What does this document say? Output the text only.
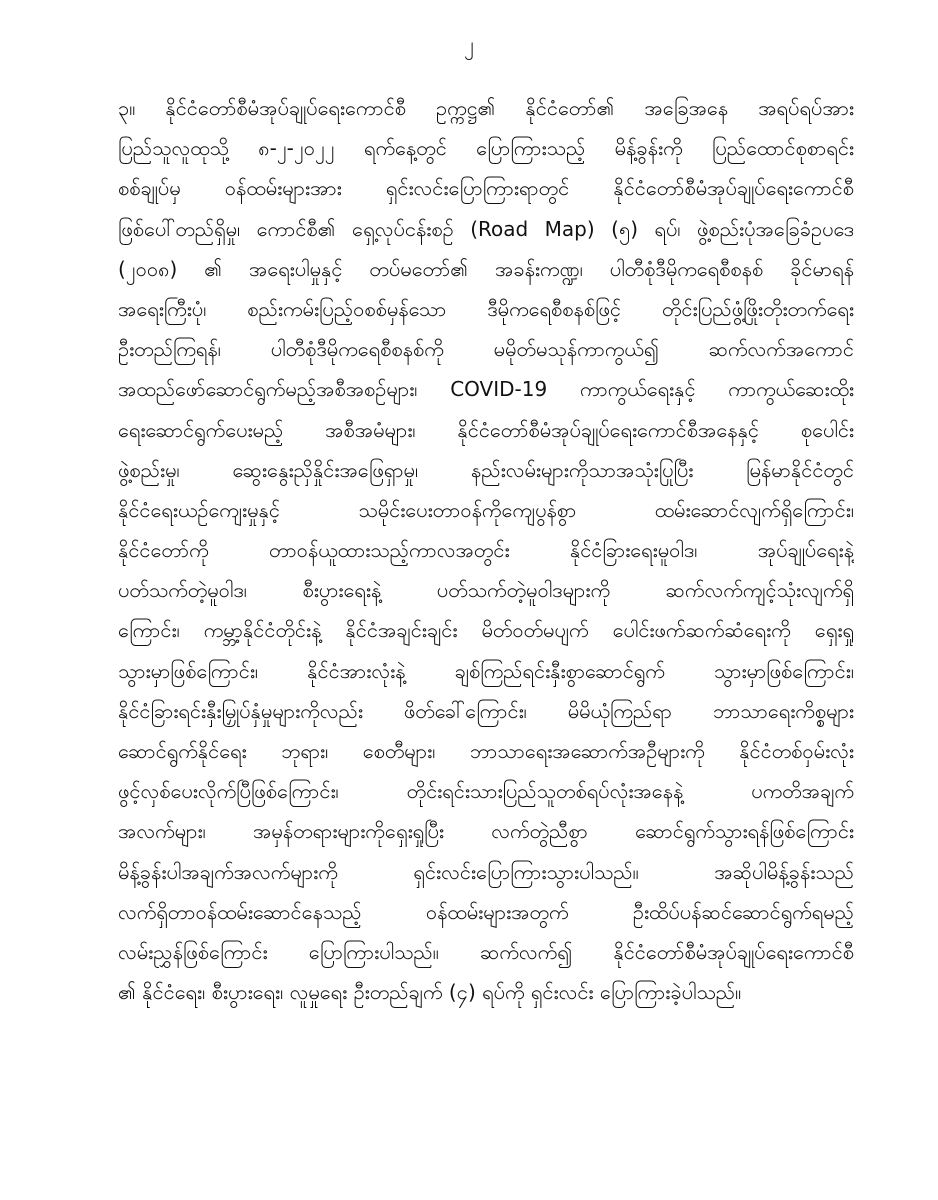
၂
၃။ နိုင်ငံတော်စီမံအုပ်ချုပ်ရေးကောင်စီ ဥက္ကဋ္ဌ၏ နိုင်ငံတော်၏ အခြေအနေ အရပ်ရပ်အား
ပြည်သူလူထုသို့ ၈-၂-၂၀၂၂ ရက်နေ့တွင် ပြောကြားသည့် မိန့်ခွန်းကို ပြည်ထောင်စုစာရင်း
စစ်ချုပ်မှ ဝန်ထမ်းများအား ရှင်းလင်းပြောကြားရာတွင် နိုင်ငံတော်စီမံအုပ်ချုပ်ရေးကောင်စီ
ဖြစ်ပေါ်တည်ရှိမှု၊ ကောင်စီ၏ ရှေ့လုပ်ငန်းစဉ် (Road Map) (၅) ရပ်၊ ဖွဲ့စည်းပုံအခြေခံဥပဒေ
(၂၀၀၈) ၏ အရေးပါမှုနှင့် တပ်မတော်၏ အခန်းကဏ္ဍ၊ ပါတီစုံဒီမိုကရေစီစနစ် ခိုင်မာရန်
အရေးကြီးပုံ၊ စည်းကမ်းပြည့်ဝစစ်မှန်သော ဒီမိုကရေစီစနစ်ဖြင့် တိုင်းပြည်ဖွံ့ဖြိုးတိုးတက်ရေး
ဦးတည်ကြရန်၊ ပါတီစုံဒီမိုကရေစီစနစ်ကို မမိုတ်မသုန်ကာကွယ်၍ ဆက်လက်အကောင်
အထည်ဖော်ဆောင်ရွက်မည့်အစီအစဉ်များ၊ COVID-19 ကာကွယ်ရေးနှင့် ကာကွယ်ဆေးထိုး
ရေးဆောင်ရွက်ပေးမည့် အစီအမံများ၊ နိုင်ငံတော်စီမံအုပ်ချုပ်ရေးကောင်စီအနေနှင့် စုပေါင်း
ဖွဲ့စည်းမှု၊ ဆွေးနွေးညှိနှိုင်းအဖြေရှာမှု၊ နည်းလမ်းများကိုသာအသုံးပြုပြီး မြန်မာနိုင်ငံတွင်
နိုင်ငံရေးယဉ်ကျေးမှုနှင့် သမိုင်းပေးတာဝန်ကိုကျေပွန်စွာ ထမ်းဆောင်လျက်ရှိကြောင်း၊
နိုင်ငံတော်ကို တာဝန်ယူထားသည့်ကာလအတွင်း နိုင်ငံခြားရေးမူဝါဒ၊ အုပ်ချုပ်ရေးနဲ့
ပတ်သက်တဲ့မူဝါဒ၊ စီးပွားရေးနဲ့ ပတ်သက်တဲ့မူဝါဒများကို ဆက်လက်ကျင့်သုံးလျက်ရှိ
ကြောင်း၊ ကမ္ဘာ့နိုင်ငံတိုင်းနဲ့ နိုင်ငံအချင်းချင်း မိတ်ဝတ်မပျက် ပေါင်းဖက်ဆက်ဆံရေးကို ရှေးရှု
သွားမှာဖြစ်ကြောင်း၊ နိုင်ငံအားလုံးနဲ့ ချစ်ကြည်ရင်းနှီးစွာဆောင်ရွက် သွားမှာဖြစ်ကြောင်း၊
နိုင်ငံခြားရင်းနှီးမြှုပ်နှံမှုများကိုလည်း ဖိတ်ခေါ်ကြောင်း၊ မိမိယုံကြည်ရာ ဘာသာရေးကိစ္စများ
ဆောင်ရွက်နိုင်ရေး ဘုရား၊ စေတီများ၊ ဘာသာရေးအဆောက်အဦများကို နိုင်ငံတစ်ဝှမ်းလုံး
ဖွင့်လှစ်ပေးလိုက်ပြီဖြစ်ကြောင်း၊ တိုင်းရင်းသားပြည်သူတစ်ရပ်လုံးအနေနဲ့ ပကတိအချက်
အလက်များ၊ အမှန်တရားများကိုရှေးရှုပြီး လက်တွဲညီစွာ ဆောင်ရွက်သွားရန်ဖြစ်ကြောင်း
မိန့်ခွန်းပါအချက်အလက်များကို ရှင်းလင်းပြောကြားသွားပါသည်။ အဆိုပါမိန့်ခွန်းသည်
လက်ရှိတာဝန်ထမ်းဆောင်နေသည့် ဝန်ထမ်းများအတွက် ဦးထိပ်ပန်ဆင်ဆောင်ရွက်ရမည့်
လမ်းညွှန်ဖြစ်ကြောင်း ပြောကြားပါသည်။ ဆက်လက်၍ နိုင်ငံတော်စီမံအုပ်ချုပ်ရေးကောင်စီ
၏ နိုင်ငံရေး၊ စီးပွားရေး၊ လူမှုရေး ဦးတည်ချက် (၄) ရပ်ကို ရှင်းလင်း ပြောကြားခဲ့ပါသည်။
